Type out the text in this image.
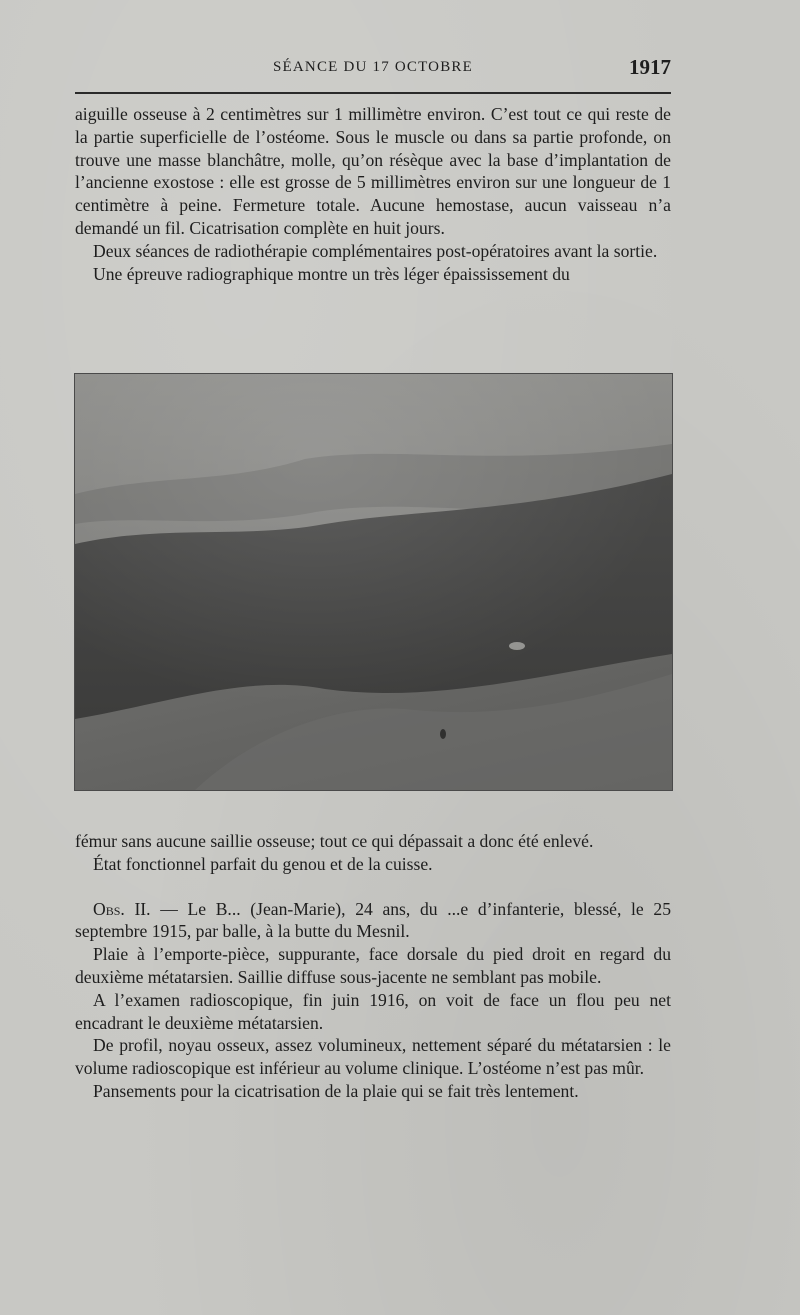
SÉANCE DU 17 OCTOBRE	1917

aiguille osseuse à 2 centimètres sur 1 millimètre environ. C’est tout ce qui reste de la partie superficielle de l’ostéome. Sous le muscle ou dans sa partie profonde, on trouve une masse blanchâtre, molle, qu’on résèque avec la base d’implantation de l’ancienne exostose : elle est grosse de 5 millimètres environ sur une longueur de 1 centimètre à peine. Fermeture totale. Aucune hemostase, aucun vaisseau n’a demandé un fil. Cicatrisation complète en huit jours.

Deux séances de radiothérapie complémentaires post-opératoires avant la sortie.

Une épreuve radiographique montre un très léger épaississement du

fémur sans aucune saillie osseuse; tout ce qui dépassait a donc été enlevé.

État fonctionnel parfait du genou et de la cuisse.

Obs. II. — Le B... (Jean-Marie), 24 ans, du ...e d’infanterie, blessé, le 25 septembre 1915, par balle, à la butte du Mesnil.

Plaie à l’emporte-pièce, suppurante, face dorsale du pied droit en regard du deuxième métatarsien. Saillie diffuse sous-jacente ne semblant pas mobile.

A l’examen radioscopique, fin juin 1916, on voit de face un flou peu net encadrant le deuxième métatarsien.

De profil, noyau osseux, assez volumineux, nettement séparé du métatarsien : le volume radioscopique est inférieur au volume clinique. L’ostéome n’est pas mûr.

Pansements pour la cicatrisation de la plaie qui se fait très lentement.
